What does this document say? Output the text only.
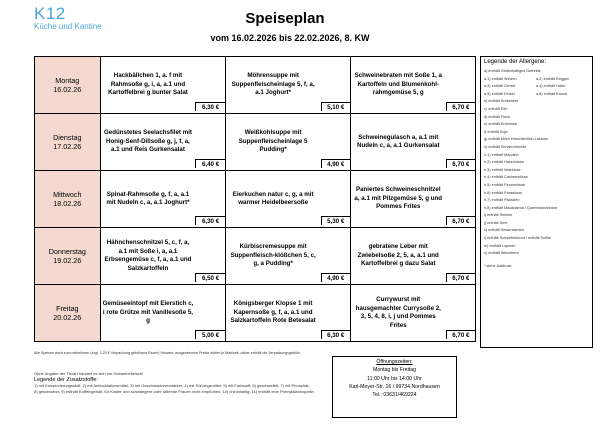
K12
Küche und Kantine	Speiseplan
vom 16.02.2026 bis 22.02.2026, 8. KW
Montag
16.02.26	Hackbällchen 1, a. f mit Rahmsoße g, i, a, a.1 und Kartoffelbrei g bunter Salat	6,30 €	Möhrensuppe mit Suppenfleischeinlage 5, f, a, a.1 Joghurt*	5,10 €	Schweinebraten mit Soße 1, a Kartoffeln und Blumenkohl-rahmgemüse 5, g	6,70 €

Dienstag
17.02.26	Gedünstetes Seelachsfilet mit Honig-Senf-Dillsoße g, j, f, a, a.1 und Reis Gurkensalat	6,40 €	Weißkohlsuppe mit Suppenfleischeinlage 5 Pudding*	4,90 €	Schweinegulasch a, a.1 mit Nudeln c, a, a.1 Gurkensalat	6,70 €

Mittwoch
18.02.26	Spinat-Rahmsoße g, f, a, a.1 mit Nudeln c, a, a.1 Joghurt*	6,30 €	Eierkuchen natur c, g, a mit warmer Heidelbeersoße	5,30 €	Paniertes Schweineschnitzel a, a.1 mit Pilzgemüse 5, g und Pommes Frites	6,70 €

Donnerstag
19.02.26	Hähnchenschnitzel 5, c, f, a, a.1 mit Soße i, a, a.1 Erbsengemüse c, f, a, a.1 und Salzkartoffeln	6,50 €	Kürbiscremesuppe mit Suppenfleisch-klößchen 5, c, g, a Pudding*	4,90 €	gebratene Leber mit Zwiebelsoße 2, 5, a, a.1 und Kartoffelbrei g dazu Salat	6,70 €

Freitag
20.02.26	Gemüseeintopf mit Eierstich c, i rote Grütze mit Vanillesoße 5, g	5,00 €	Königsberger Klopse 1 mit Kapernsoße g, f, a, a.1 und Salzkartoffeln Rote Betesalat	6,30 €	Currywurst mit hausgemachter Currysoße 2, 3, 5, 4, 8, i, j und Pommes Frites	6,70 €
Legende der Allergene:
a) enthält Glutenhaltiges Getreide
a.1) enthält Weizen	a.2) enthält Roggen
a.3) enthält Gerste	a.4) enthält Hafer
a.5) enthält Dinkel	a.6) enthält Kamut
b) enthält Krebstiere
c) enthält Eier
d) enthält Fisch
e) enthält Erdnüsse
f) enthält Soja
g) enthält Milch einschließlich Laktose
h) enthält Schalenfrüchte
h.1) enthält Mandeln
h.2) enthält Haselnüsse
h.3) enthält Walnüsse
h.4) enthält Cashewnüsse
h.5) enthält Pecannüsse
h.6) enthält Paranüsse
h.7) enthält Pistazien
h.8) enthält Macadamia / Queenslandnüsse
i) enthält Sellerie
j) enthält Senf
k) enthält Sesamsamen
l) enthält Schwefeldioxid / enthält Sulfite
m) enthält Lupinen
n) enthält Weichtiere
* siehe Aufdruck
Alle Speisen auch zum mitnehmen (zzgl. 1,20 € Verpackung gebührpro Essen) Hinweis: ausgewiesene Preise dürfen je Mahlzeit, daher enthält die Verpackungsgebühr
Ohne Angabe der Tierart handelt es sich um Schweinefleisch!
Legende der Zusatzstoffe:
1) mit Konservierungsstoff; 2) mit Antioxidationsmittel; 3) mit Geschmacksverstärker; 4) mit Süßungsmittel; 5) mit Farbstoff; 6) geschwefelt; 7) mit Phosphat;
8) geschwärzt; 9) enthält Koffeingehalt, für Kinder und schwangere oder stillende Frauen nicht empfohlen; 10) chininhaltig; 11) enthält eine Phenylalaninquelle;
Öffnungszeiten:
Montag bis Freitag
11:00 Uhr bis 14:00 Uhr
Karl-Meyer-Str. 16 / 99734 Nordhausen
Tel.: 03631/469224
